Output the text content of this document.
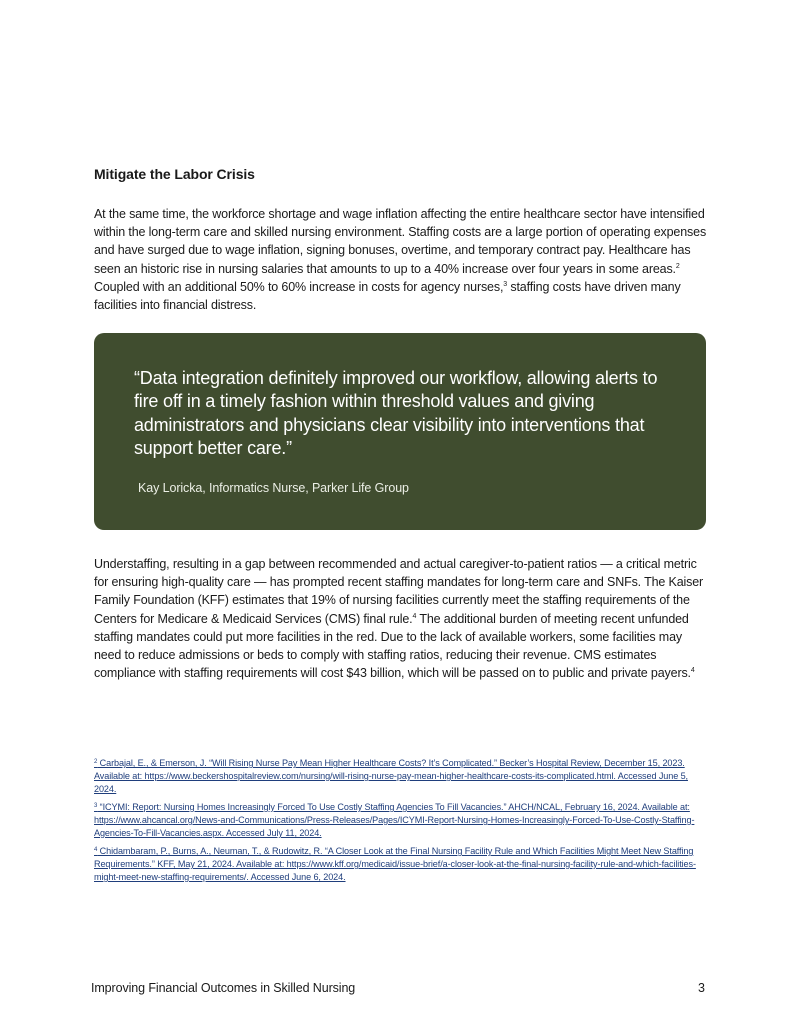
Mitigate the Labor Crisis

At the same time, the workforce shortage and wage inflation affecting the entire healthcare sector have intensified within the long-term care and skilled nursing environment. Staffing costs are a large portion of operating expenses and have surged due to wage inflation, signing bonuses, overtime, and temporary contract pay. Healthcare has seen an historic rise in nursing salaries that amounts to up to a 40% increase over four years in some areas.$^2$ Coupled with an additional 50% to 60% increase in costs for agency nurses,$^3$ staffing costs have driven many facilities into financial distress.

“Data integration definitely improved our workflow, allowing alerts to fire off in a timely fashion within threshold values and giving administrators and physicians clear visibility into interventions that support better care.”

Kay Loricka, Informatics Nurse, Parker Life Group

Understaffing, resulting in a gap between recommended and actual caregiver-to-patient ratios — a critical metric for ensuring high-quality care — has prompted recent staffing mandates for long-term care and SNFs. The Kaiser Family Foundation (KFF) estimates that 19% of nursing facilities currently meet the staffing requirements of the Centers for Medicare & Medicaid Services (CMS) final rule.$^4$ The additional burden of meeting recent unfunded staffing mandates could put more facilities in the red. Due to the lack of available workers, some facilities may need to reduce admissions or beds to comply with staffing ratios, reducing their revenue. CMS estimates compliance with staffing requirements will cost $43 billion, which will be passed on to public and private payers.$^4$

$^2$ Carbajal, E., & Emerson, J. “Will Rising Nurse Pay Mean Higher Healthcare Costs? It’s Complicated.” Becker’s Hospital Review, December 15, 2023. Available at: https://www.beckershospitalreview.com/nursing/will-rising-nurse-pay-mean-higher-healthcare-costs-its-complicated.html. Accessed June 5, 2024.

$^3$ “ICYMI: Report: Nursing Homes Increasingly Forced To Use Costly Staffing Agencies To Fill Vacancies.” AHCH/NCAL, February 16, 2024. Available at: https://www.ahcancal.org/News-and-Communications/Press-Releases/Pages/ICYMI-Report-Nursing-Homes-Increasingly-Forced-To-Use-Costly-Staffing-Agencies-To-Fill-Vacancies.aspx. Accessed July 11, 2024.

$^4$ Chidambaram, P., Burns, A., Neuman, T., & Rudowitz, R. “A Closer Look at the Final Nursing Facility Rule and Which Facilities Might Meet New Staffing Requirements.” KFF, May 21, 2024. Available at: https://www.kff.org/medicaid/issue-brief/a-closer-look-at-the-final-nursing-facility-rule-and-which-facilities-might-meet-new-staffing-requirements/. Accessed June 6, 2024.

Improving Financial Outcomes in Skilled Nursing	3
